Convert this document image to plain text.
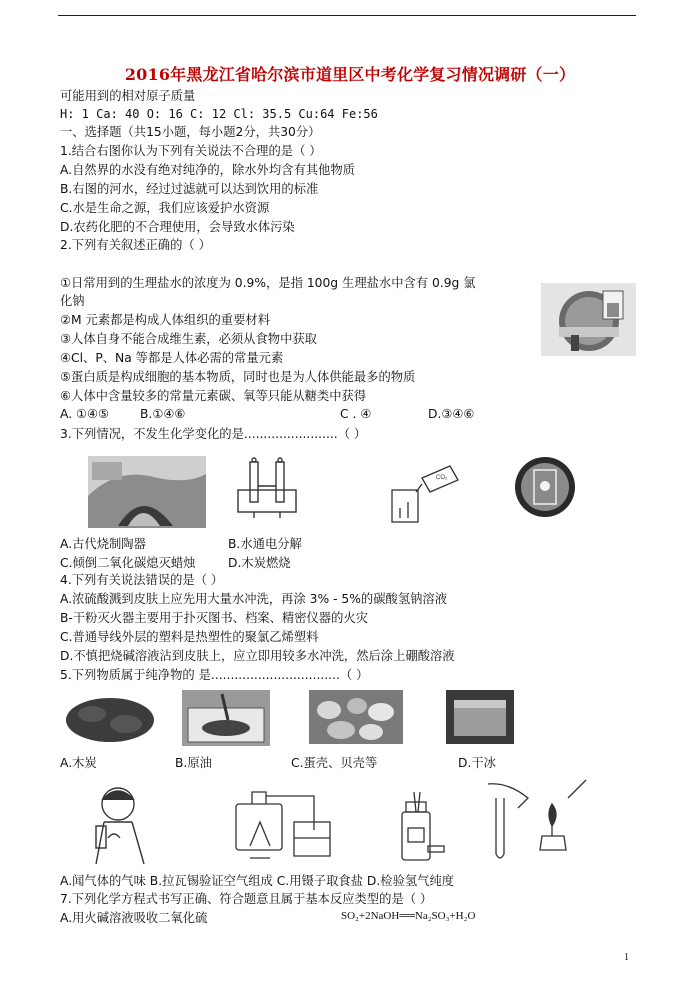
2016年黑龙江省哈尔滨市道里区中考化学复习情况调研（一）
可能用到的相对原子质量
H: 1 Ca: 40 O: 16 C: 12 Cl: 35.5 Cu:64 Fe:56
一、选择题（共15小题，每小题2分，共30分）
1.结合右图你认为下列有关说法不合理的是（ ）
A.自然界的水没有绝对纯净的，除水外均含有其他物质
B.右图的河水，经过过滤就可以达到饮用的标准
C.水是生命之源，我们应该爱护水资源
D.农药化肥的不合理使用，会导致水体污染
2.下列有关叙述正确的（ ）
①日常用到的生理盐水的浓度为 0.9%，是指 100g 生理盐水中含有 0.9g 氯
化钠
②M 元素都是构成人体组织的重要材料
③人体自身不能合成维生素，必须从食物中获取
④Cl、P、Na 等都是人体必需的常量元素
⑤蛋白质是构成细胞的基本物质，同时也是为人体供能最多的物质
⑥人体中含量较多的常量元素碳、氧等只能从糖类中获得
A. ①④⑤	B.①④⑥	C . ④	D.③④⑥
3.下列情况，不发生化学变化的是........................（ ）
CO₂
A.古代烧制陶器	B.水通电分解
C.倾倒二氧化碳熄灭蜡烛	D.木炭燃烧
4.下列有关说法错误的是（ ）
A.浓硫酸溅到皮肤上应先用大量水冲洗，再涂 3% - 5%的碳酸氢钠溶液
B-干粉灭火器主要用于扑灭图书、档案、精密仪器的火灾
C.普通导线外层的塑料是热塑性的聚氯乙烯塑料
D.不慎把烧碱溶液沾到皮肤上，应立即用较多水冲洗，然后涂上硼酸溶液
5.下列物质属于纯净物的 是.................................（ ）
A.木炭	B.原油	C.蛋壳、贝壳等	D.干冰
A.闻气体的气味 B.拉瓦锡验证空气组成 C.用镊子取食盐 D.检验氢气纯度
7.下列化学方程式书写正确、符合题意且属于基本反应类型的是（ ）
A.用火碱溶液吸收二氧化硫	SO₂+2NaOH══Na₂SO₃+H₂O
1
